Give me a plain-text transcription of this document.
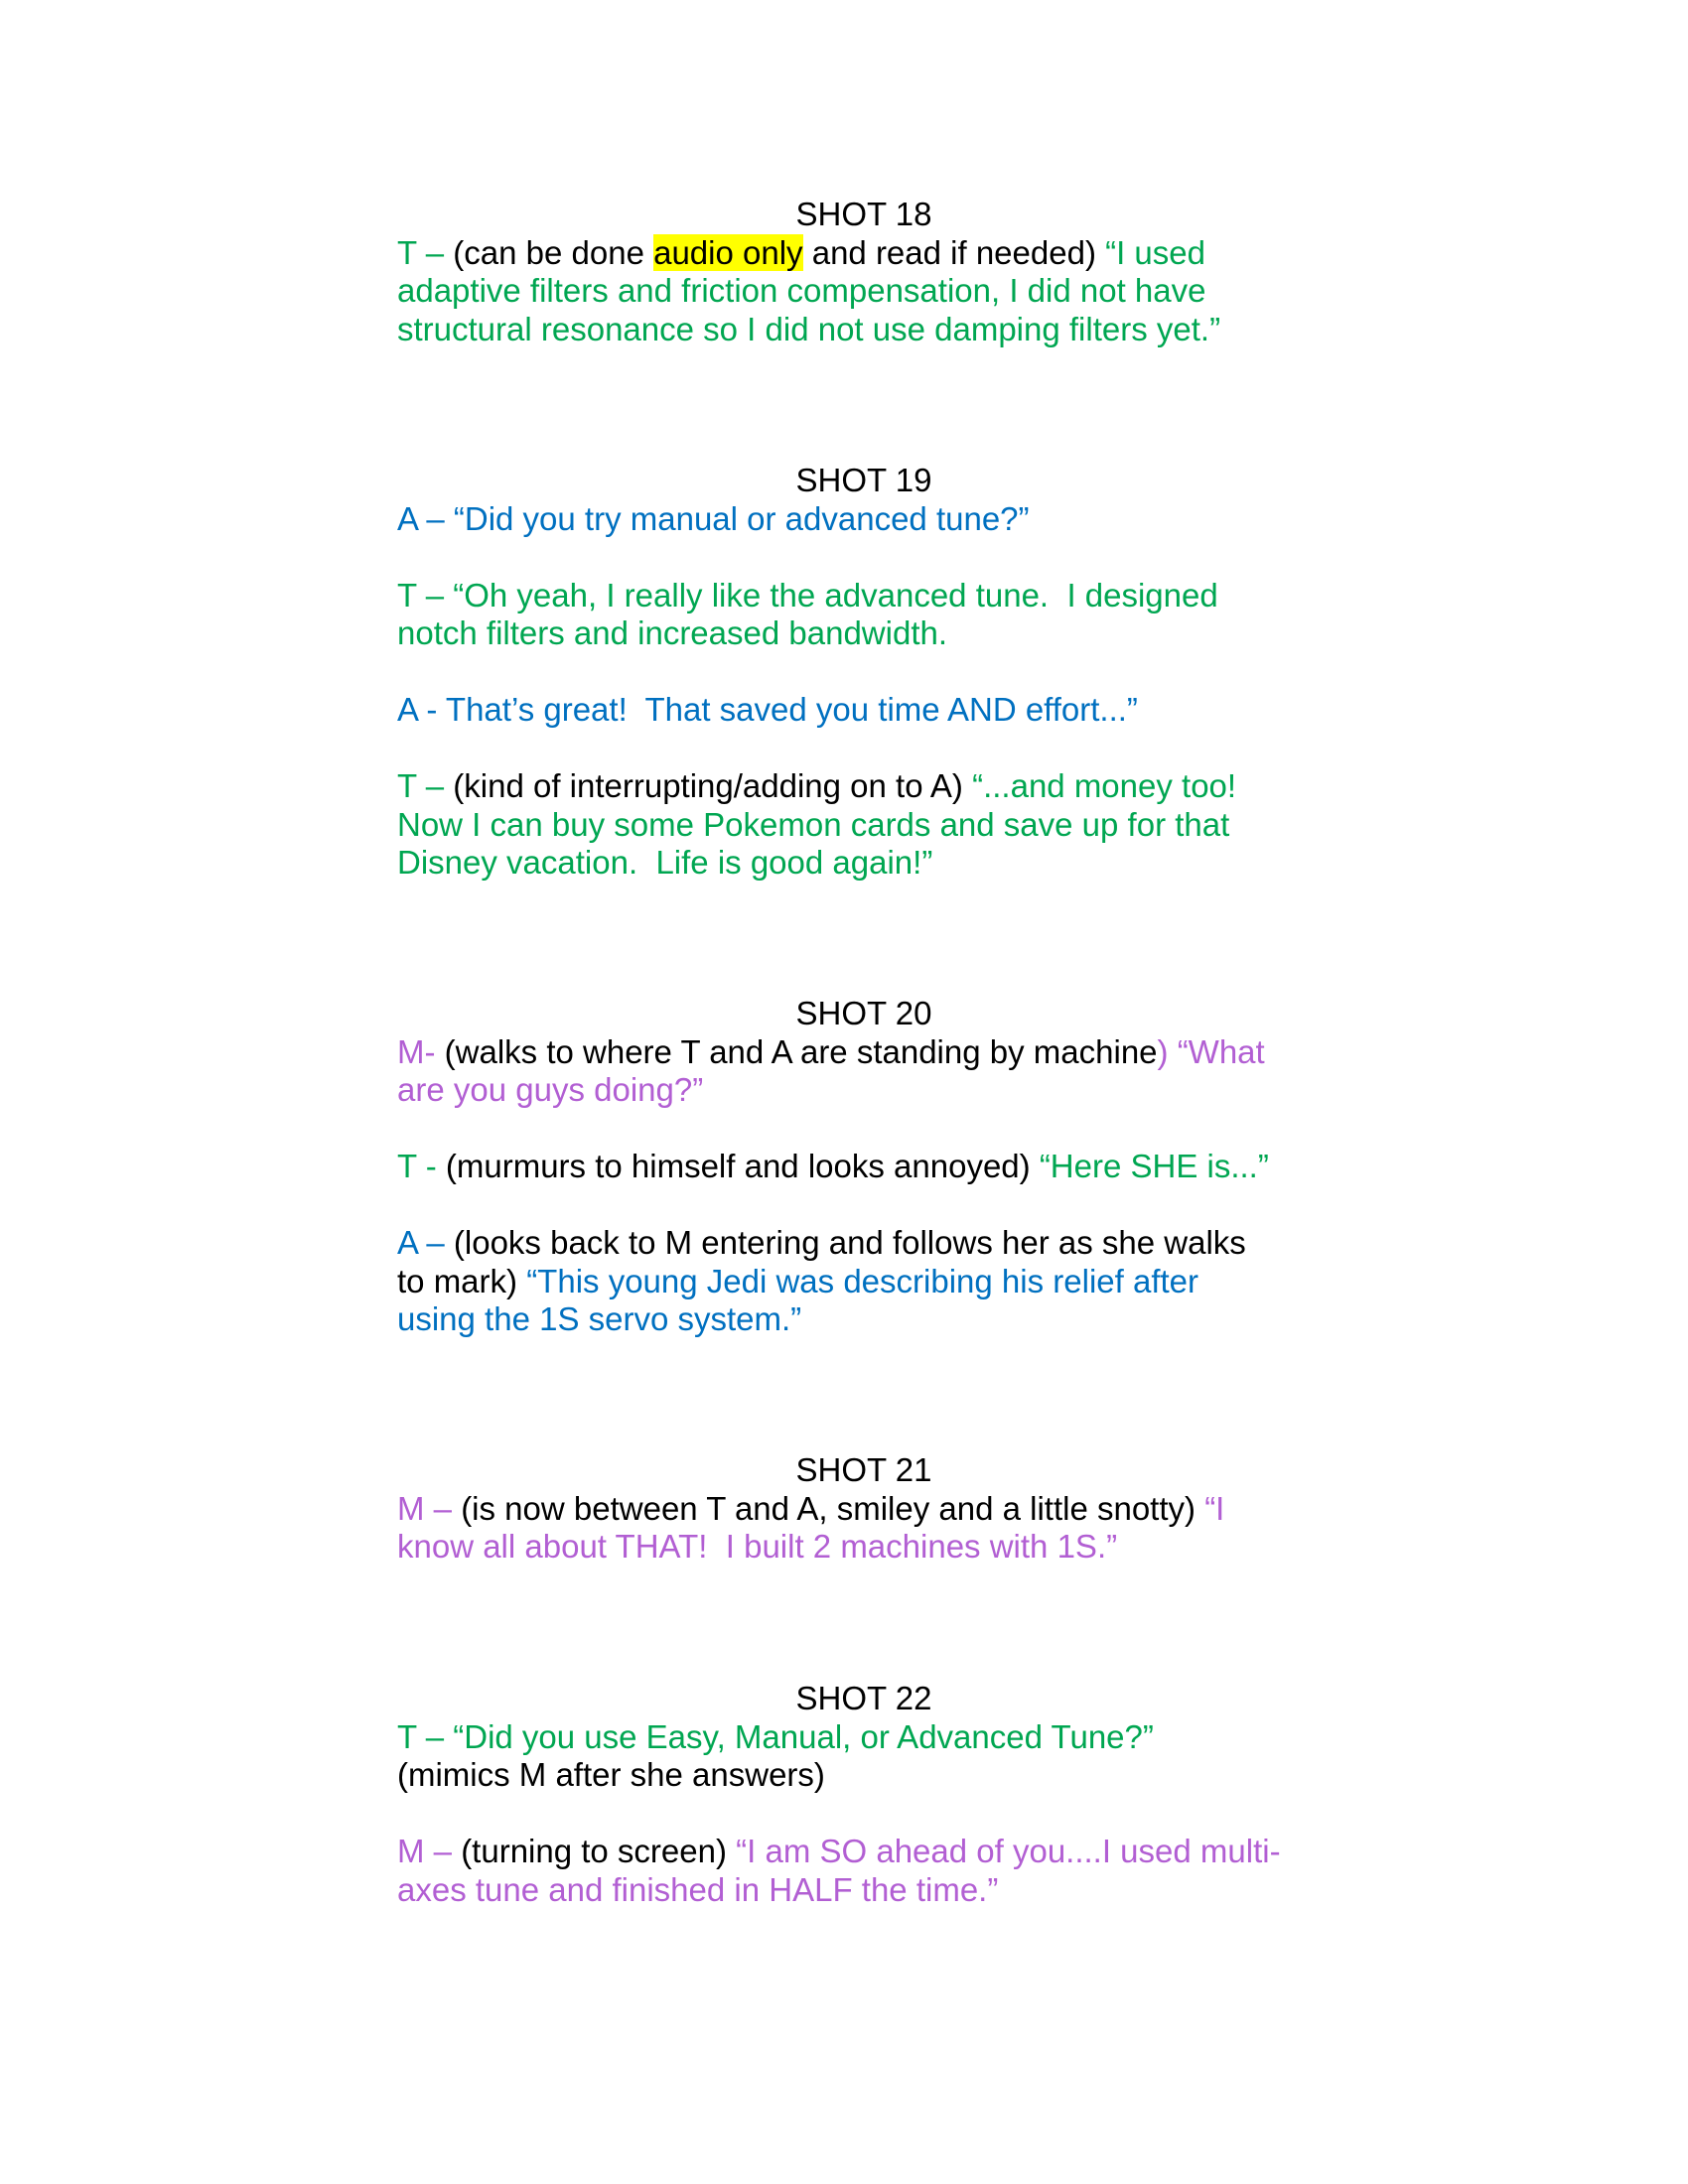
SHOT 18
T – (can be done audio only and read if needed) “I used
adaptive filters and friction compensation, I did not have
structural resonance so I did not use damping filters yet.”
SHOT 19
A – “Did you try manual or advanced tune?”
T – “Oh yeah, I really like the advanced tune.  I designed
notch filters and increased bandwidth.
A - That’s great!  That saved you time AND effort...”
T – (kind of interrupting/adding on to A) “...and money too!
Now I can buy some Pokemon cards and save up for that
Disney vacation.  Life is good again!”
SHOT 20
M- (walks to where T and A are standing by machine) “What
are you guys doing?”
T - (murmurs to himself and looks annoyed) “Here SHE is...”
A – (looks back to M entering and follows her as she walks
to mark) “This young Jedi was describing his relief after
using the 1S servo system.”
SHOT 21
M – (is now between T and A, smiley and a little snotty) “I
know all about THAT!  I built 2 machines with 1S.”
SHOT 22
T – “Did you use Easy, Manual, or Advanced Tune?”
(mimics M after she answers)
M – (turning to screen) “I am SO ahead of you....I used multi-
axes tune and finished in HALF the time.”
